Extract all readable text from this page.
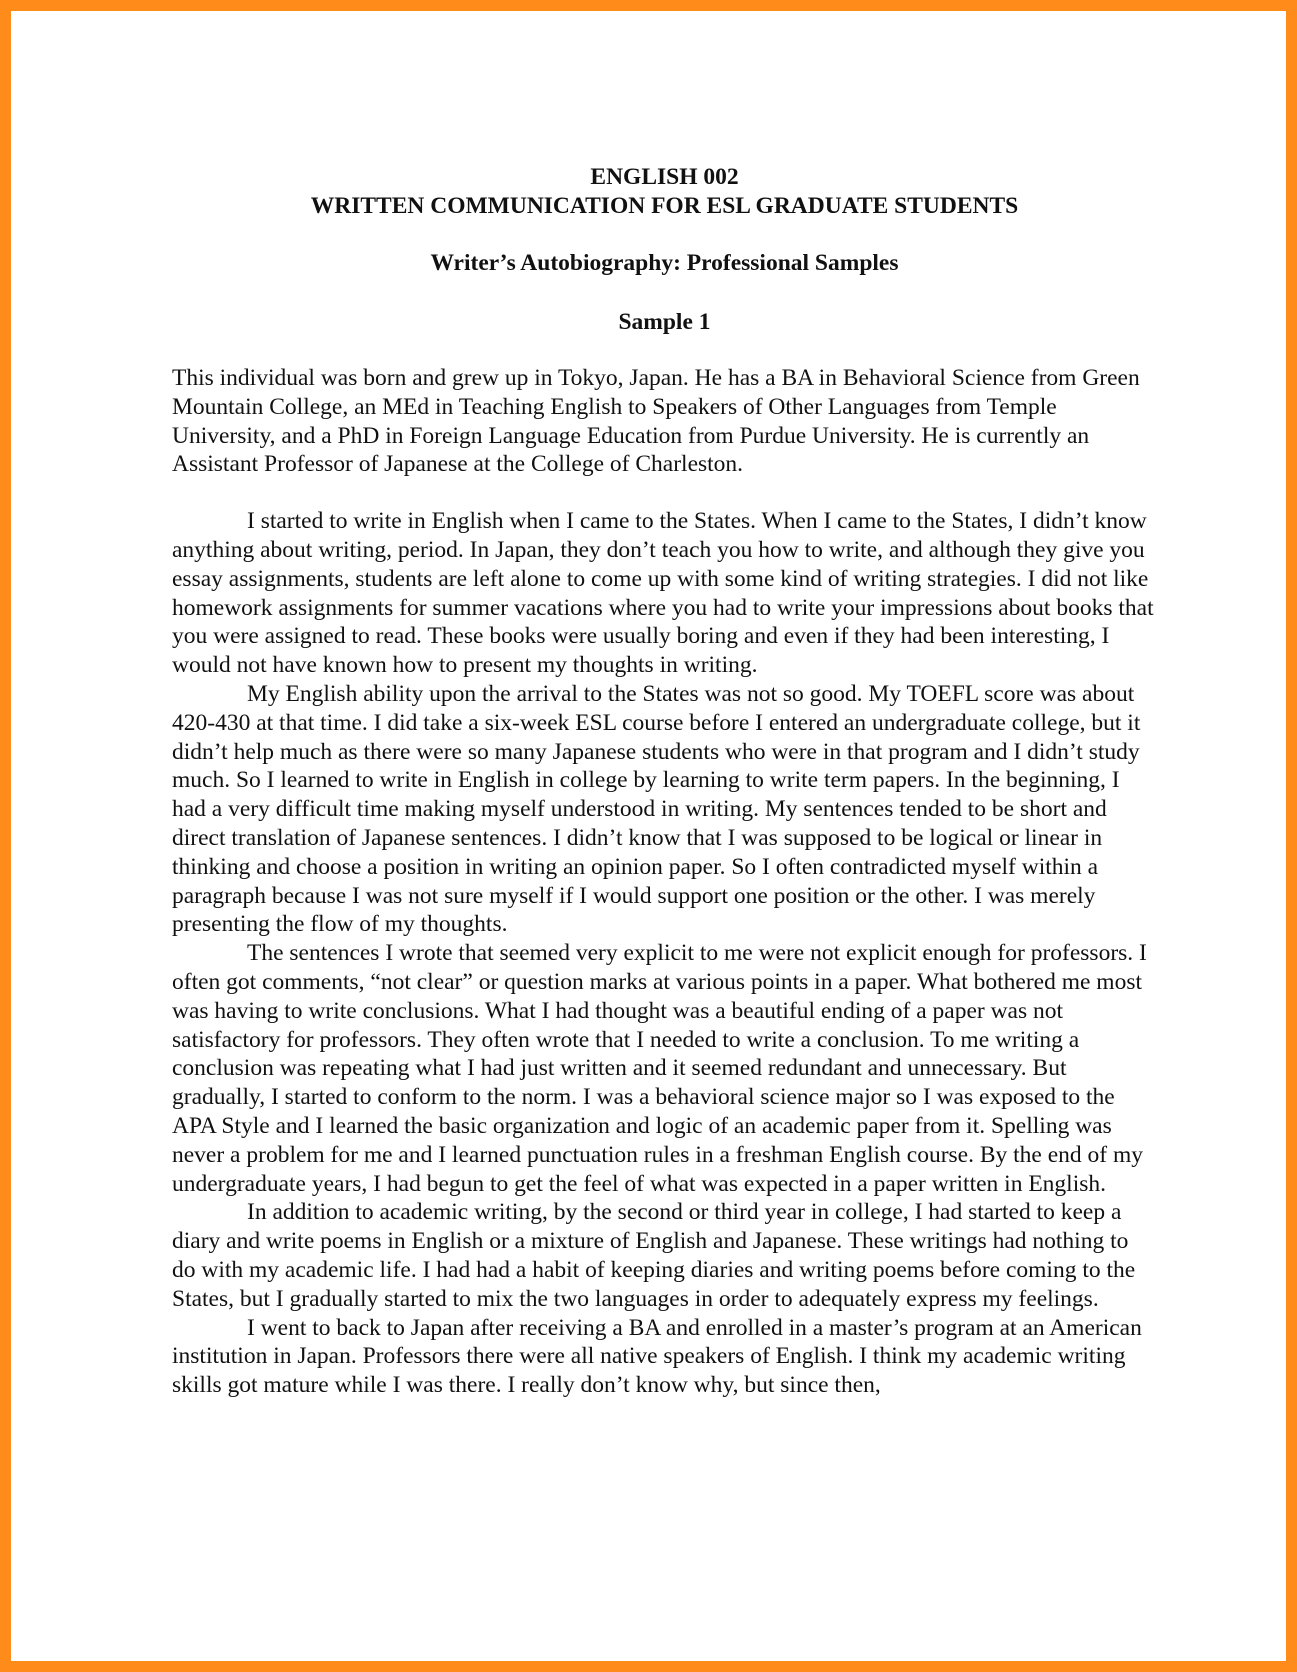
ENGLISH 002
WRITTEN COMMUNICATION FOR ESL GRADUATE STUDENTS
Writer’s Autobiography: Professional Samples
Sample 1
This individual was born and grew up in Tokyo, Japan. He has a BA in Behavioral Science from Green Mountain College, an MEd in Teaching English to Speakers of Other Languages from Temple University, and a PhD in Foreign Language Education from Purdue University. He is currently an Assistant Professor of Japanese at the College of Charleston.

I started to write in English when I came to the States. When I came to the States, I didn’t know anything about writing, period. In Japan, they don’t teach you how to write, and although they give you essay assignments, students are left alone to come up with some kind of writing strategies. I did not like homework assignments for summer vacations where you had to write your impressions about books that you were assigned to read. These books were usually boring and even if they had been interesting, I would not have known how to present my thoughts in writing.

My English ability upon the arrival to the States was not so good. My TOEFL score was about 420-430 at that time. I did take a six-week ESL course before I entered an undergraduate college, but it didn’t help much as there were so many Japanese students who were in that program and I didn’t study much. So I learned to write in English in college by learning to write term papers. In the beginning, I had a very difficult time making myself understood in writing. My sentences tended to be short and direct translation of Japanese sentences. I didn’t know that I was supposed to be logical or linear in thinking and choose a position in writing an opinion paper. So I often contradicted myself within a paragraph because I was not sure myself if I would support one position or the other. I was merely presenting the flow of my thoughts.

The sentences I wrote that seemed very explicit to me were not explicit enough for professors. I often got comments, “not clear” or question marks at various points in a paper. What bothered me most was having to write conclusions. What I had thought was a beautiful ending of a paper was not satisfactory for professors. They often wrote that I needed to write a conclusion. To me writing a conclusion was repeating what I had just written and it seemed redundant and unnecessary. But gradually, I started to conform to the norm. I was a behavioral science major so I was exposed to the APA Style and I learned the basic organization and logic of an academic paper from it. Spelling was never a problem for me and I learned punctuation rules in a freshman English course. By the end of my undergraduate years, I had begun to get the feel of what was expected in a paper written in English.

In addition to academic writing, by the second or third year in college, I had started to keep a diary and write poems in English or a mixture of English and Japanese. These writings had nothing to do with my academic life. I had had a habit of keeping diaries and writing poems before coming to the States, but I gradually started to mix the two languages in order to adequately express my feelings.

I went to back to Japan after receiving a BA and enrolled in a master’s program at an American institution in Japan. Professors there were all native speakers of English. I think my academic writing skills got mature while I was there. I really don’t know why, but since then,
